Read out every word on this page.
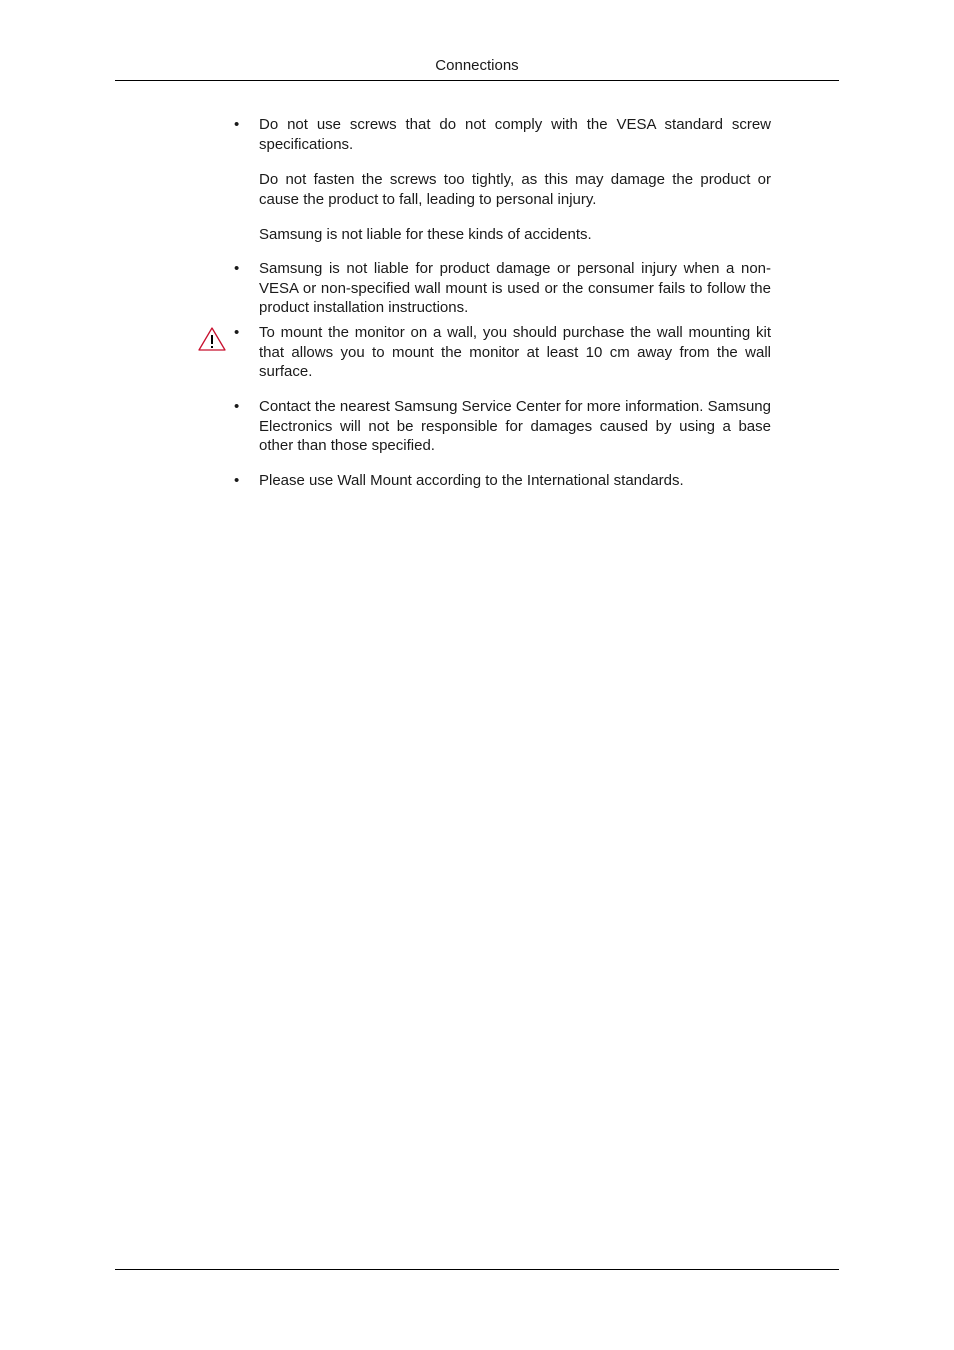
Connections
•	Do not use screws that do not comply with the VESA standard screw specifications.

Do not fasten the screws too tightly, as this may damage the product or cause the product to fall, leading to personal injury.

Samsung is not liable for these kinds of accidents.

•	Samsung is not liable for product damage or personal injury when a non-VESA or non-specified wall mount is used or the consumer fails to follow the product installation instructions.

•	To mount the monitor on a wall, you should purchase the wall mounting kit that allows you to mount the monitor at least 10 cm away from the wall surface.

•	Contact the nearest Samsung Service Center for more information. Samsung Electronics will not be responsible for damages caused by using a base other than those specified.

•	Please use Wall Mount according to the International standards.
